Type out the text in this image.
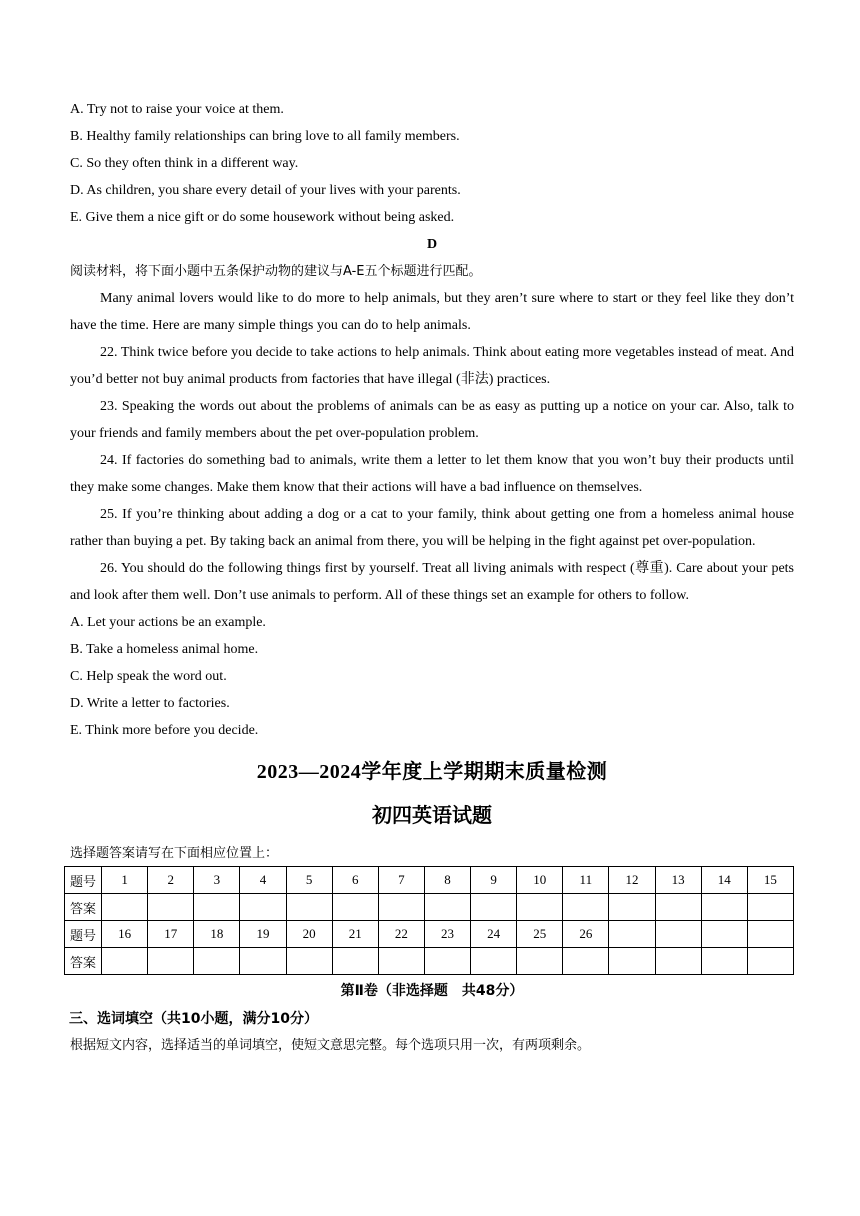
A. Try not to raise your voice at them.

B. Healthy family relationships can bring love to all family members.

C. So they often think in a different way.

D. As children, you share every detail of your lives with your parents.

E. Give them a nice gift or do some housework without being asked.

D

阅读材料，将下面小题中五条保护动物的建议与A-E五个标题进行匹配。

Many animal lovers would like to do more to help animals, but they aren’t sure where to start or they feel like they don’t have the time. Here are many simple things you can do to help animals.

22. Think twice before you decide to take actions to help animals. Think about eating more vegetables instead of meat. And you’d better not buy animal products from factories that have illegal (非法) practices.

23. Speaking the words out about the problems of animals can be as easy as putting up a notice on your car. Also, talk to your friends and family members about the pet over-population problem.

24. If factories do something bad to animals, write them a letter to let them know that you won’t buy their products until they make some changes. Make them know that their actions will have a bad influence on themselves.

25. If you’re thinking about adding a dog or a cat to your family, think about getting one from a homeless animal house rather than buying a pet. By taking back an animal from there, you will be helping in the fight against pet over-population.

26. You should do the following things first by yourself. Treat all living animals with respect (尊重). Care about your pets and look after them well. Don’t use animals to perform. All of these things set an example for others to follow.

A. Let your actions be an example.

B. Take a homeless animal home.

C. Help speak the word out.

D. Write a letter to factories.

E. Think more before you decide.

2023—2024学年度上学期期末质量检测
初四英语试题
选择题答案请写在下面相应位置上：
题号	1	2	3	4	5	6	7	8	9	10	11	12	13	14	15
答案															
题号	16	17	18	19	20	21	22	23	24	25	26				
答案															
第Ⅱ卷（非选择题　共48分）
三、选词填空（共10小题，满分10分）
根据短文内容，选择适当的单词填空，使短文意思完整。每个选项只用一次，有两项剩余。
